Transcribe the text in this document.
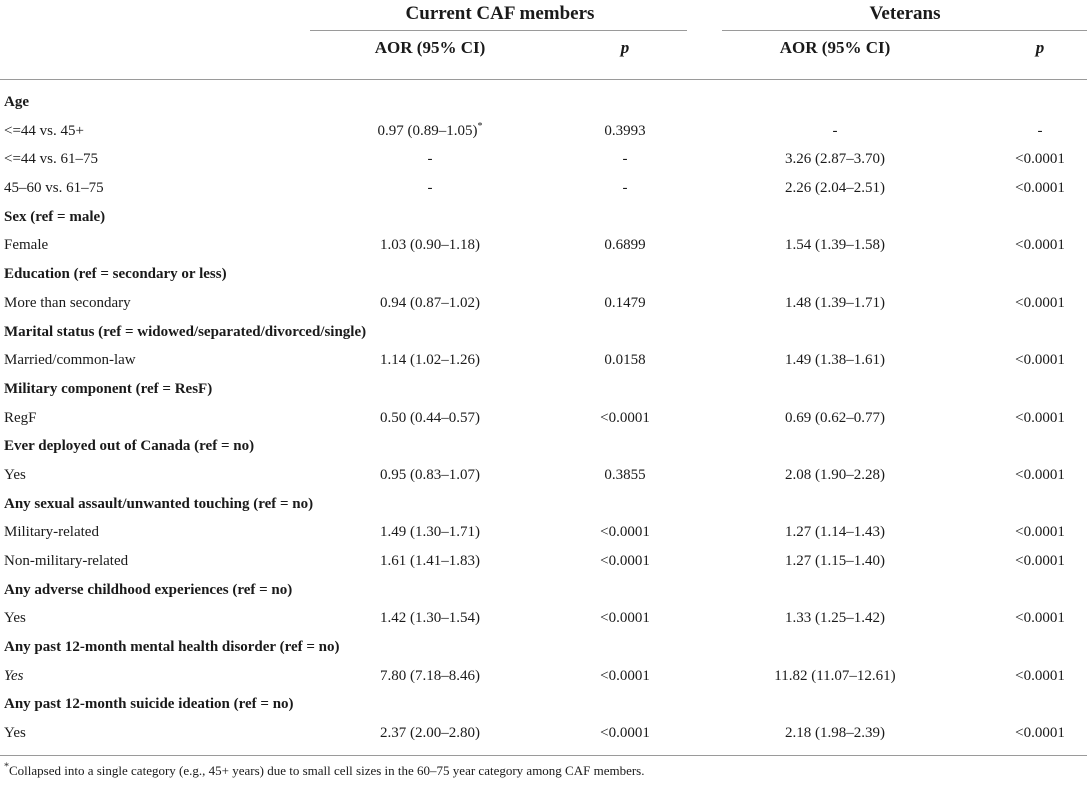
Current CAF members	Veterans
AOR (95% CI)	p	AOR (95% CI)	p
Age
<=44 vs. 45+	0.97 (0.89–1.05)*	0.3993	-	-
<=44 vs. 61–75	-	-	3.26 (2.87–3.70)	<0.0001
45–60 vs. 61–75	-	-	2.26 (2.04–2.51)	<0.0001
Sex (ref = male)
Female	1.03 (0.90–1.18)	0.6899	1.54 (1.39–1.58)	<0.0001
Education (ref = secondary or less)
More than secondary	0.94 (0.87–1.02)	0.1479	1.48 (1.39–1.71)	<0.0001
Marital status (ref = widowed/separated/divorced/single)
Married/common-law	1.14 (1.02–1.26)	0.0158	1.49 (1.38–1.61)	<0.0001
Military component (ref = ResF)
RegF	0.50 (0.44–0.57)	<0.0001	0.69 (0.62–0.77)	<0.0001
Ever deployed out of Canada (ref = no)
Yes	0.95 (0.83–1.07)	0.3855	2.08 (1.90–2.28)	<0.0001
Any sexual assault/unwanted touching (ref = no)
Military-related	1.49 (1.30–1.71)	<0.0001	1.27 (1.14–1.43)	<0.0001
Non-military-related	1.61 (1.41–1.83)	<0.0001	1.27 (1.15–1.40)	<0.0001
Any adverse childhood experiences (ref = no)
Yes	1.42 (1.30–1.54)	<0.0001	1.33 (1.25–1.42)	<0.0001
Any past 12-month mental health disorder (ref = no)
Yes	7.80 (7.18–8.46)	<0.0001	11.82 (11.07–12.61)	<0.0001
Any past 12-month suicide ideation (ref = no)
Yes	2.37 (2.00–2.80)	<0.0001	2.18 (1.98–2.39)	<0.0001
*Collapsed into a single category (e.g., 45+ years) due to small cell sizes in the 60–75 year category among CAF members.
